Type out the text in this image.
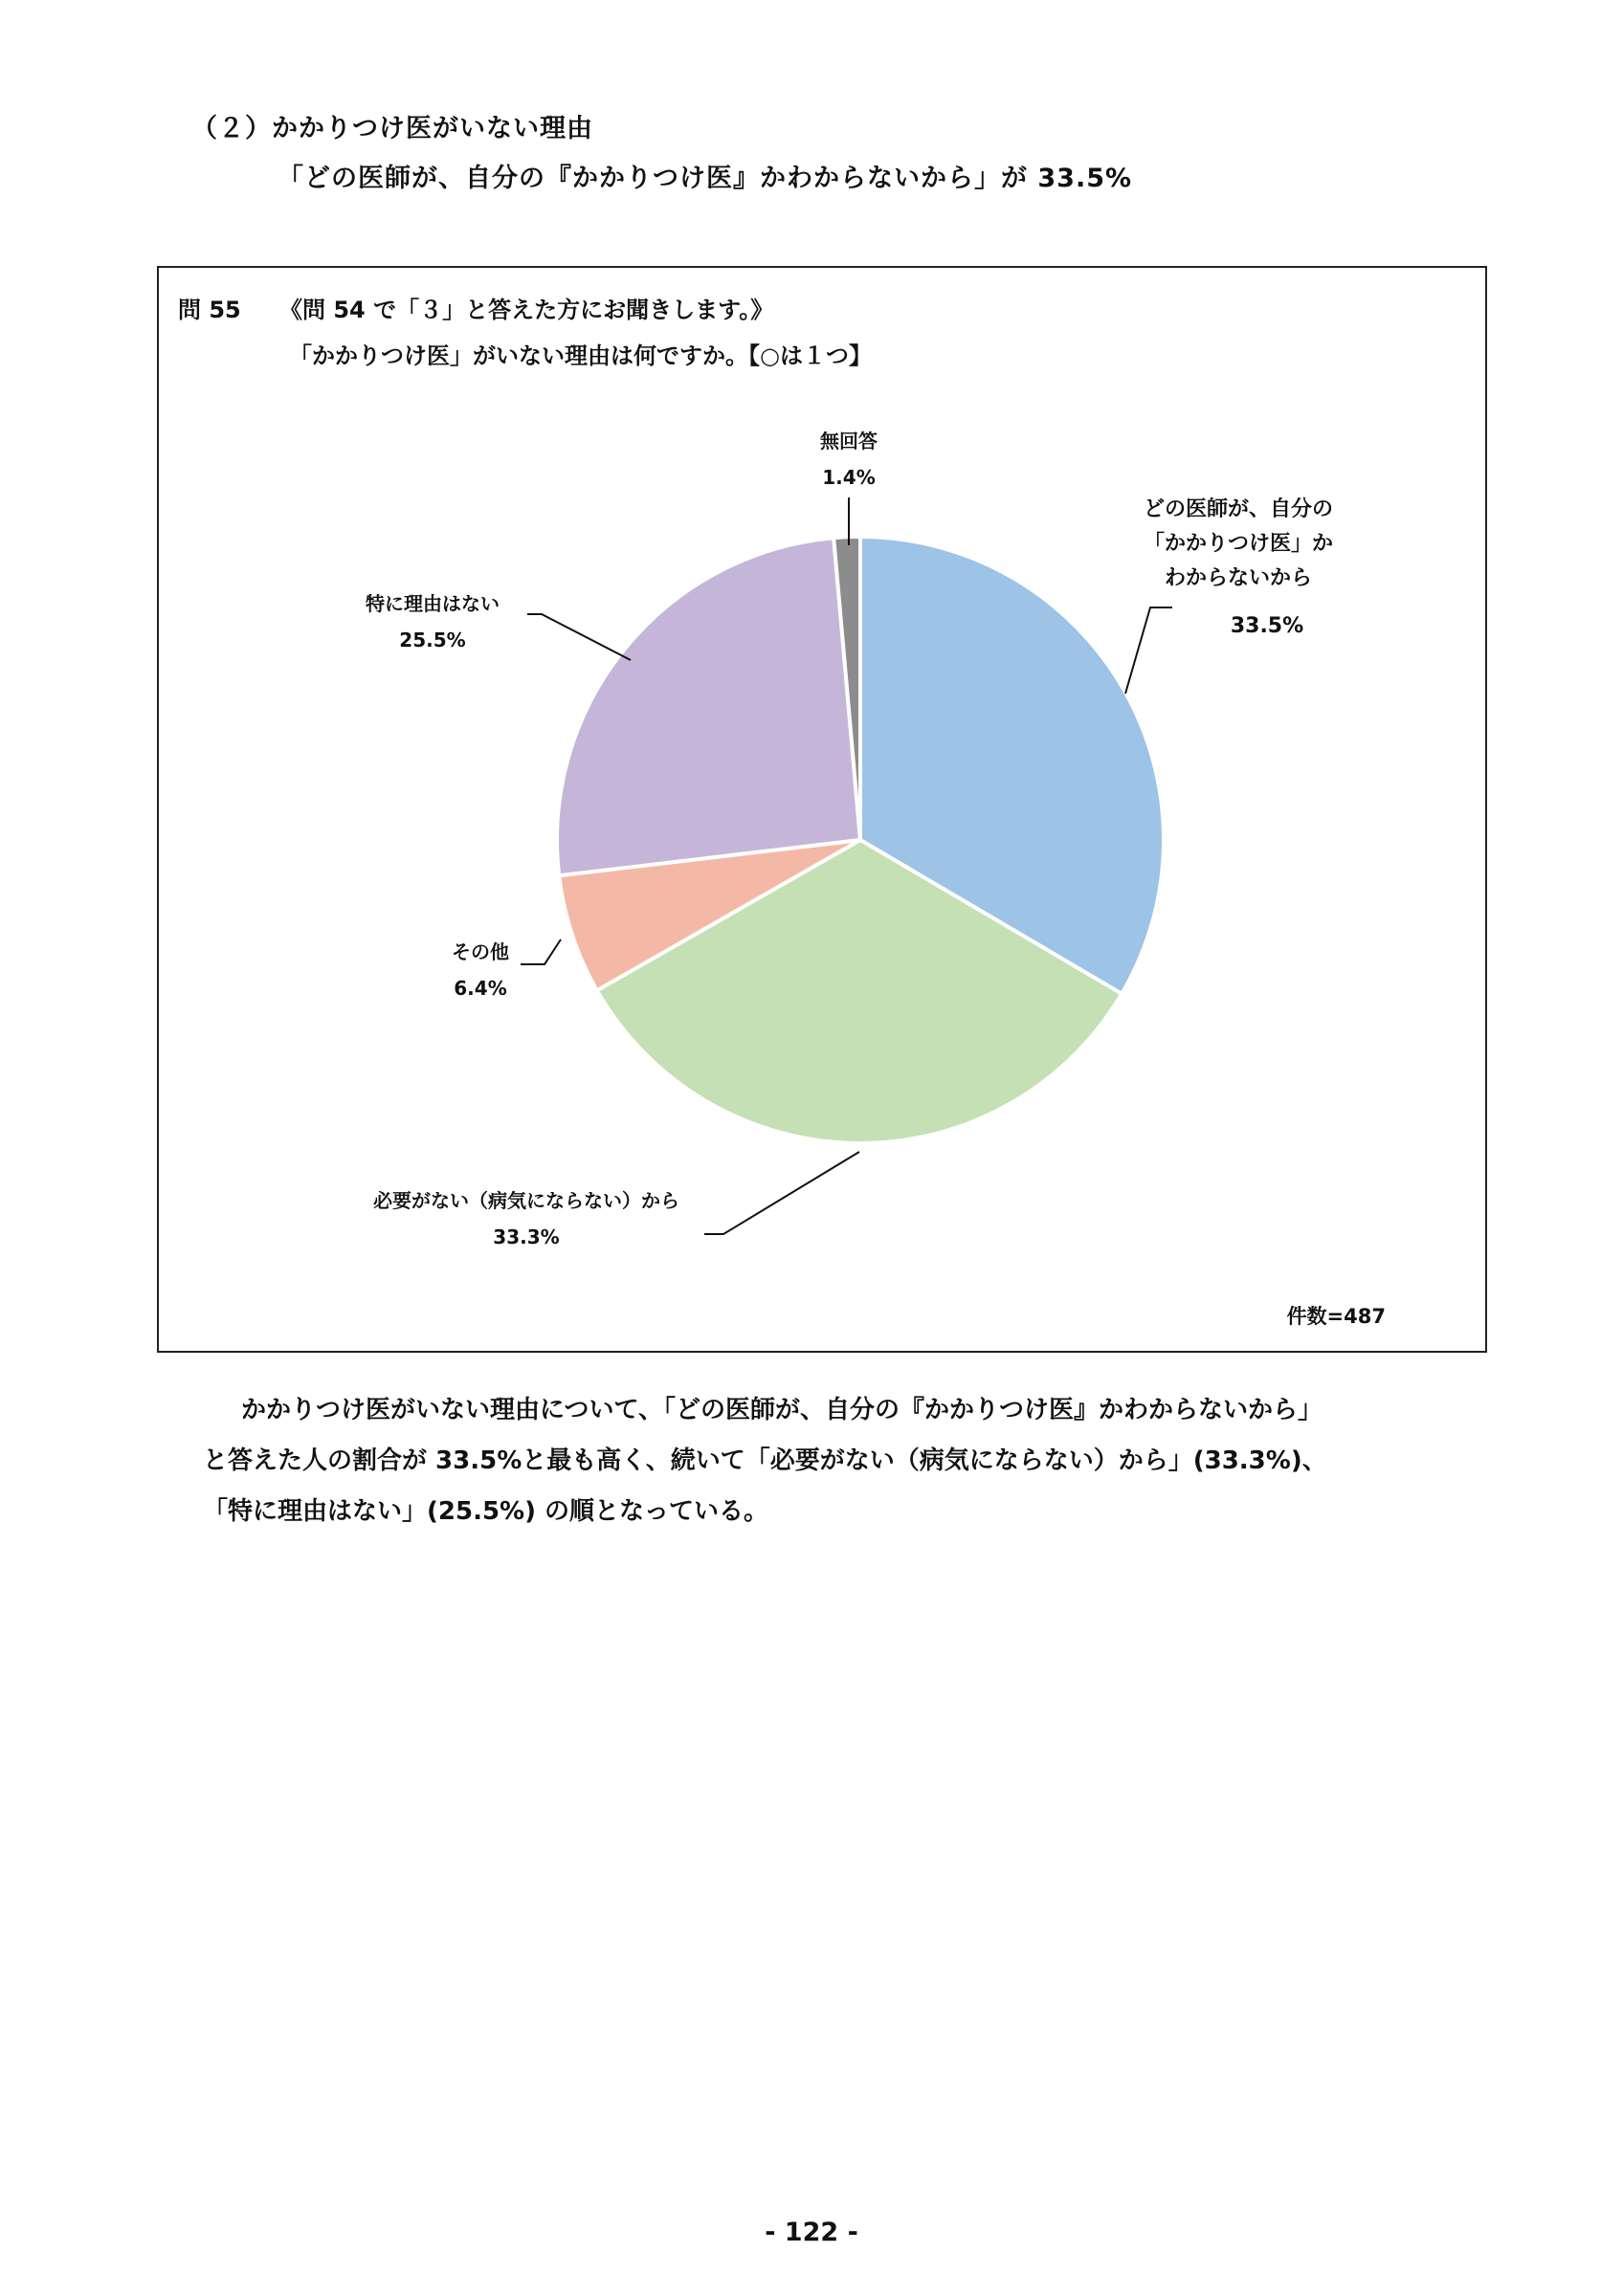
（２）かかりつけ医がいない理由
「どの医師が、自分の『かかりつけ医』かわからないから」が 33.5%
問 55 《問 54 で「３」と答えた方にお聞きします。》
「かかりつけ医」がいない理由は何ですか。【○は１つ】
どの医師が、自分の
「かかりつけ医」か
わからないから
33.5%
必要がない（病気にならない）から
33.3%
その他
6.4%
特に理由はない
25.5%
無回答
1.4%
件数=487

かかりつけ医がいない理由について、「どの医師が、自分の『かかりつけ医』かわからないから」

と答えた人の割合が 33.5%と最も高く、続いて「必要がない（病気にならない）から」(33.3%)、

「特に理由はない」(25.5%) の順となっている。

- 122 -
